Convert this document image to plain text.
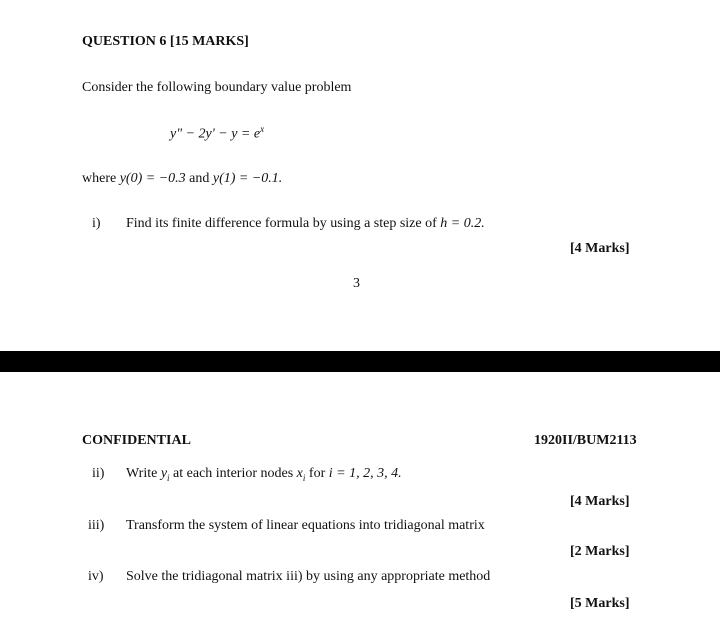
QUESTION 6 [15 MARKS]
Consider the following boundary value problem
y" − $2y' - y = e^x$
where y(0) = −0.3 and y(1) = −0.1.
i) Find its finite difference formula by using a step size of h = 0.2.
[4 Marks]
3
CONFIDENTIAL	1920II/BUM2113
ii) Write $y_i$ at each interior nodes $x_i$ for i = 1, 2, 3, 4.
[4 Marks]
iii) Transform the system of linear equations into tridiagonal matrix
[2 Marks]
iv) Solve the tridiagonal matrix iii) by using any appropriate method
[5 Marks]
